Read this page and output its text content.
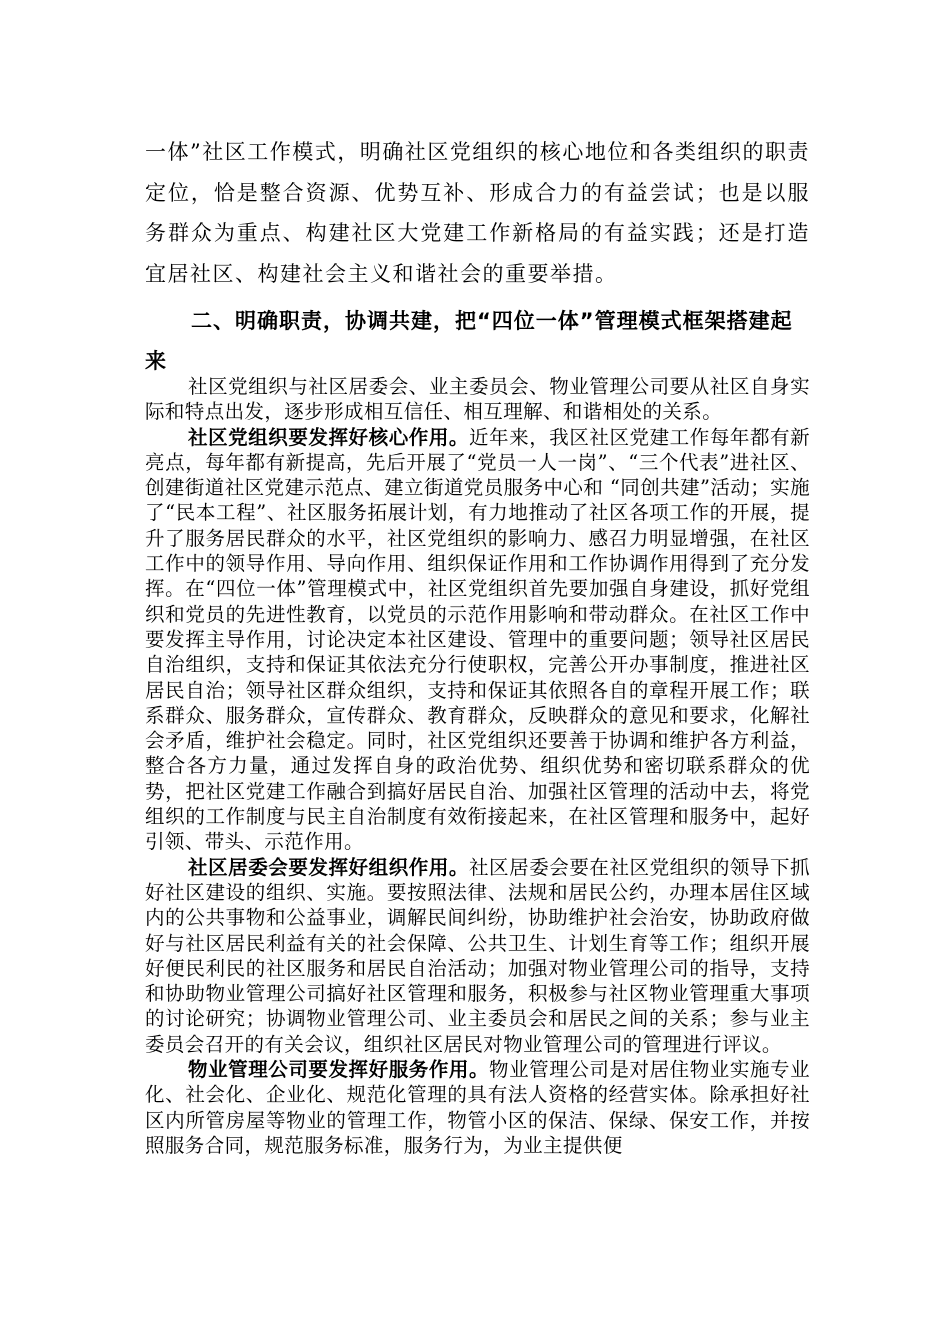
一体”社区工作模式，明确社区党组织的核心地位和各类组织的职责定位，恰是整合资源、优势互补、形成合力的有益尝试；也是以服务群众为重点、构建社区大党建工作新格局的有益实践；还是打造宜居社区、构建社会主义和谐社会的重要举措。
二、明确职责，协调共建，把“四位一体”管理模式框架搭建起来

社区党组织与社区居委会、业主委员会、物业管理公司要从社区自身实际和特点出发，逐步形成相互信任、相互理解、和谐相处的关系。

社区党组织要发挥好核心作用。近年来，我区社区党建工作每年都有新亮点，每年都有新提高，先后开展了“党员一人一岗”、“三个代表”进社区、创建街道社区党建示范点、建立街道党员服务中心和 “同创共建”活动；实施了“民本工程”、社区服务拓展计划，有力地推动了社区各项工作的开展，提升了服务居民群众的水平，社区党组织的影响力、感召力明显增强，在社区工作中的领导作用、导向作用、组织保证作用和工作协调作用得到了充分发挥。在“四位一体”管理模式中，社区党组织首先要加强自身建设，抓好党组织和党员的先进性教育，以党员的示范作用影响和带动群众。在社区工作中要发挥主导作用，讨论决定本社区建设、管理中的重要问题；领导社区居民自治组织，支持和保证其依法充分行使职权，完善公开办事制度，推进社区居民自治；领导社区群众组织，支持和保证其依照各自的章程开展工作；联系群众、服务群众，宣传群众、教育群众，反映群众的意见和要求，化解社会矛盾，维护社会稳定。同时，社区党组织还要善于协调和维护各方利益，整合各方力量，通过发挥自身的政治优势、组织优势和密切联系群众的优势，把社区党建工作融合到搞好居民自治、加强社区管理的活动中去，将党组织的工作制度与民主自治制度有效衔接起来，在社区管理和服务中，起好引领、带头、示范作用。

社区居委会要发挥好组织作用。社区居委会要在社区党组织的领导下抓好社区建设的组织、实施。要按照法律、法规和居民公约，办理本居住区域内的公共事物和公益事业，调解民间纠纷，协助维护社会治安，协助政府做好与社区居民利益有关的社会保障、公共卫生、计划生育等工作；组织开展好便民利民的社区服务和居民自治活动；加强对物业管理公司的指导，支持和协助物业管理公司搞好社区管理和服务，积极参与社区物业管理重大事项的讨论研究；协调物业管理公司、业主委员会和居民之间的关系；参与业主委员会召开的有关会议，组织社区居民对物业管理公司的管理进行评议。

物业管理公司要发挥好服务作用。物业管理公司是对居住物业实施专业化、社会化、企业化、规范化管理的具有法人资格的经营实体。除承担好社区内所管房屋等物业的管理工作，物管小区的保洁、保绿、保安工作，并按照服务合同，规范服务标准，服务行为，为业主提供便
